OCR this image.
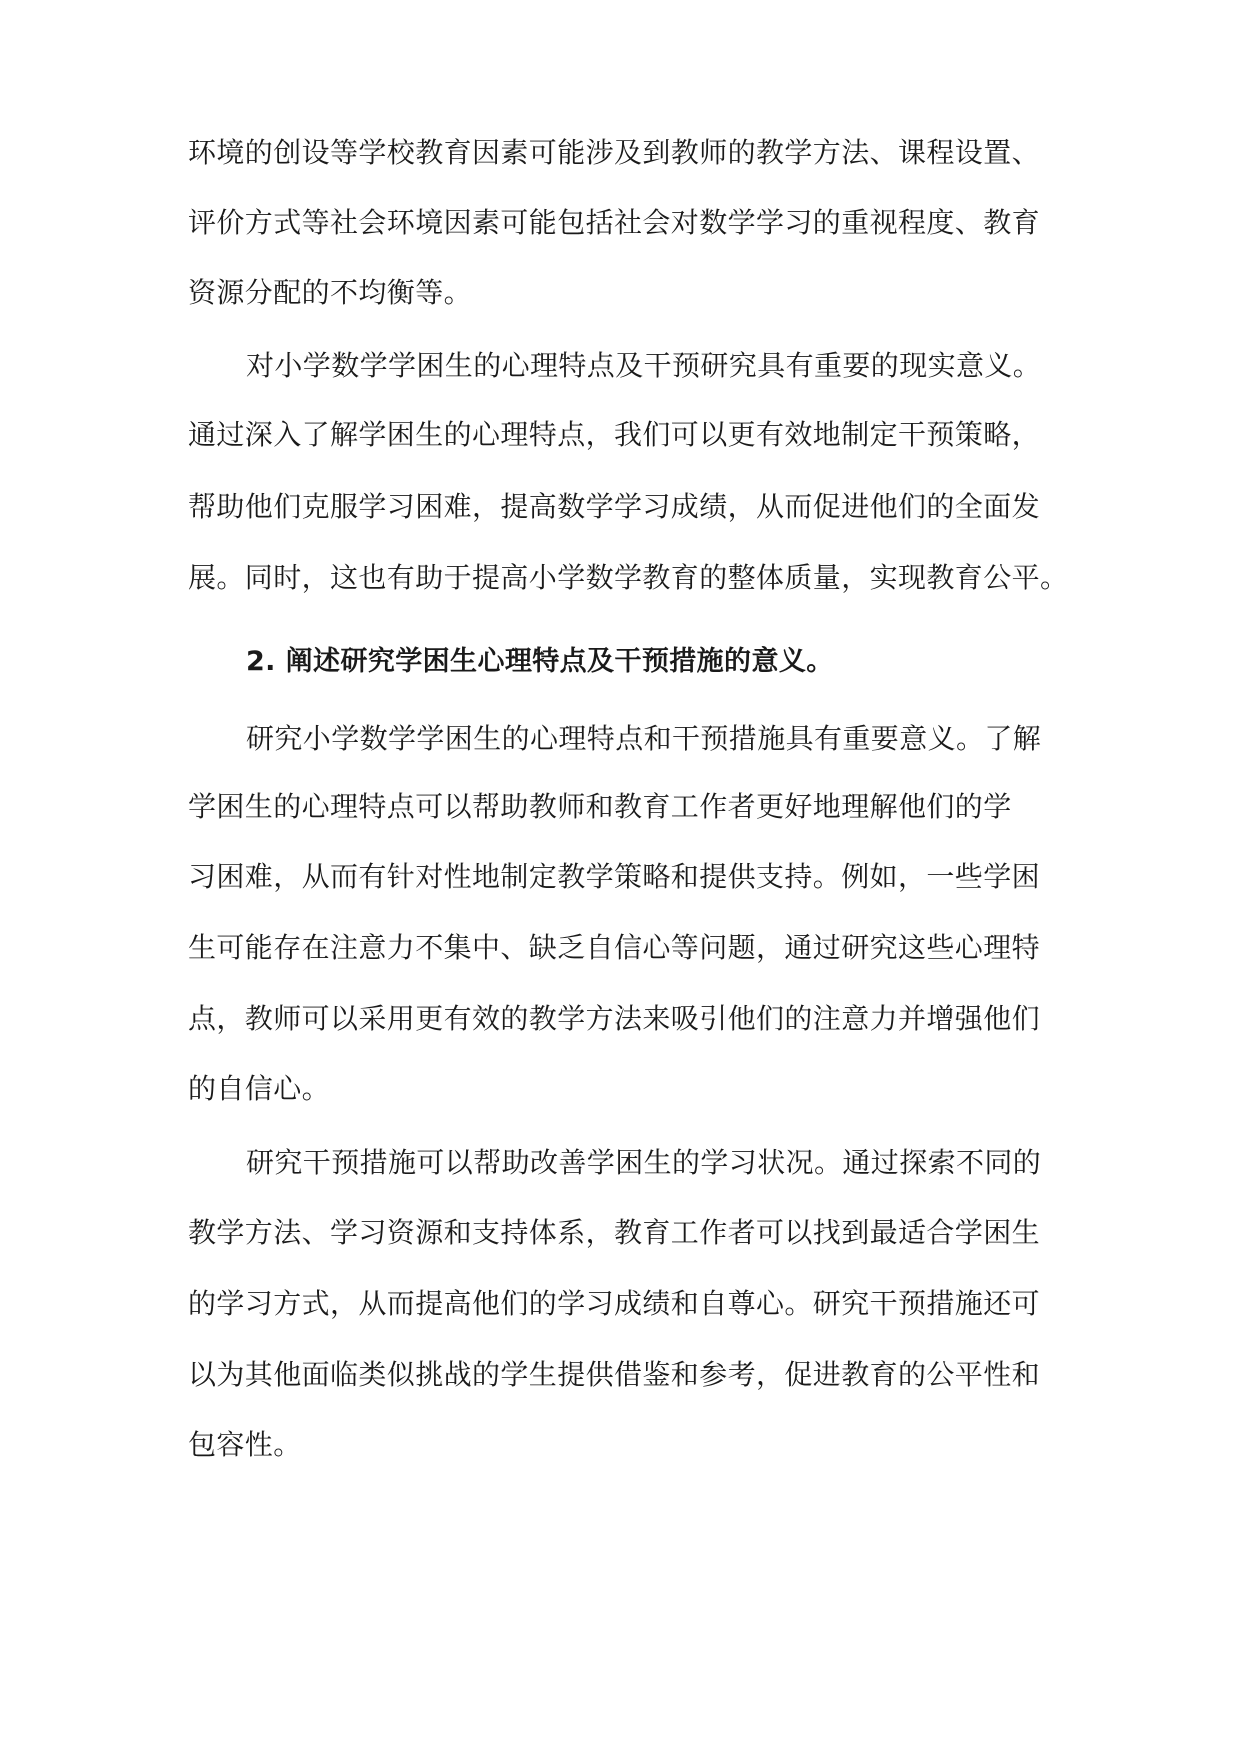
环境的创设等学校教育因素可能涉及到教师的教学方法、课程设置、
评价方式等社会环境因素可能包括社会对数学学习的重视程度、教育
资源分配的不均衡等。
对小学数学学困生的心理特点及干预研究具有重要的现实意义。
通过深入了解学困生的心理特点，我们可以更有效地制定干预策略，
帮助他们克服学习困难，提高数学学习成绩，从而促进他们的全面发
展。同时，这也有助于提高小学数学教育的整体质量，实现教育公平。
2. 阐述研究学困生心理特点及干预措施的意义。
研究小学数学学困生的心理特点和干预措施具有重要意义。了解
学困生的心理特点可以帮助教师和教育工作者更好地理解他们的学
习困难，从而有针对性地制定教学策略和提供支持。例如，一些学困
生可能存在注意力不集中、缺乏自信心等问题，通过研究这些心理特
点，教师可以采用更有效的教学方法来吸引他们的注意力并增强他们
的自信心。
研究干预措施可以帮助改善学困生的学习状况。通过探索不同的
教学方法、学习资源和支持体系，教育工作者可以找到最适合学困生
的学习方式，从而提高他们的学习成绩和自尊心。研究干预措施还可
以为其他面临类似挑战的学生提供借鉴和参考，促进教育的公平性和
包容性。
